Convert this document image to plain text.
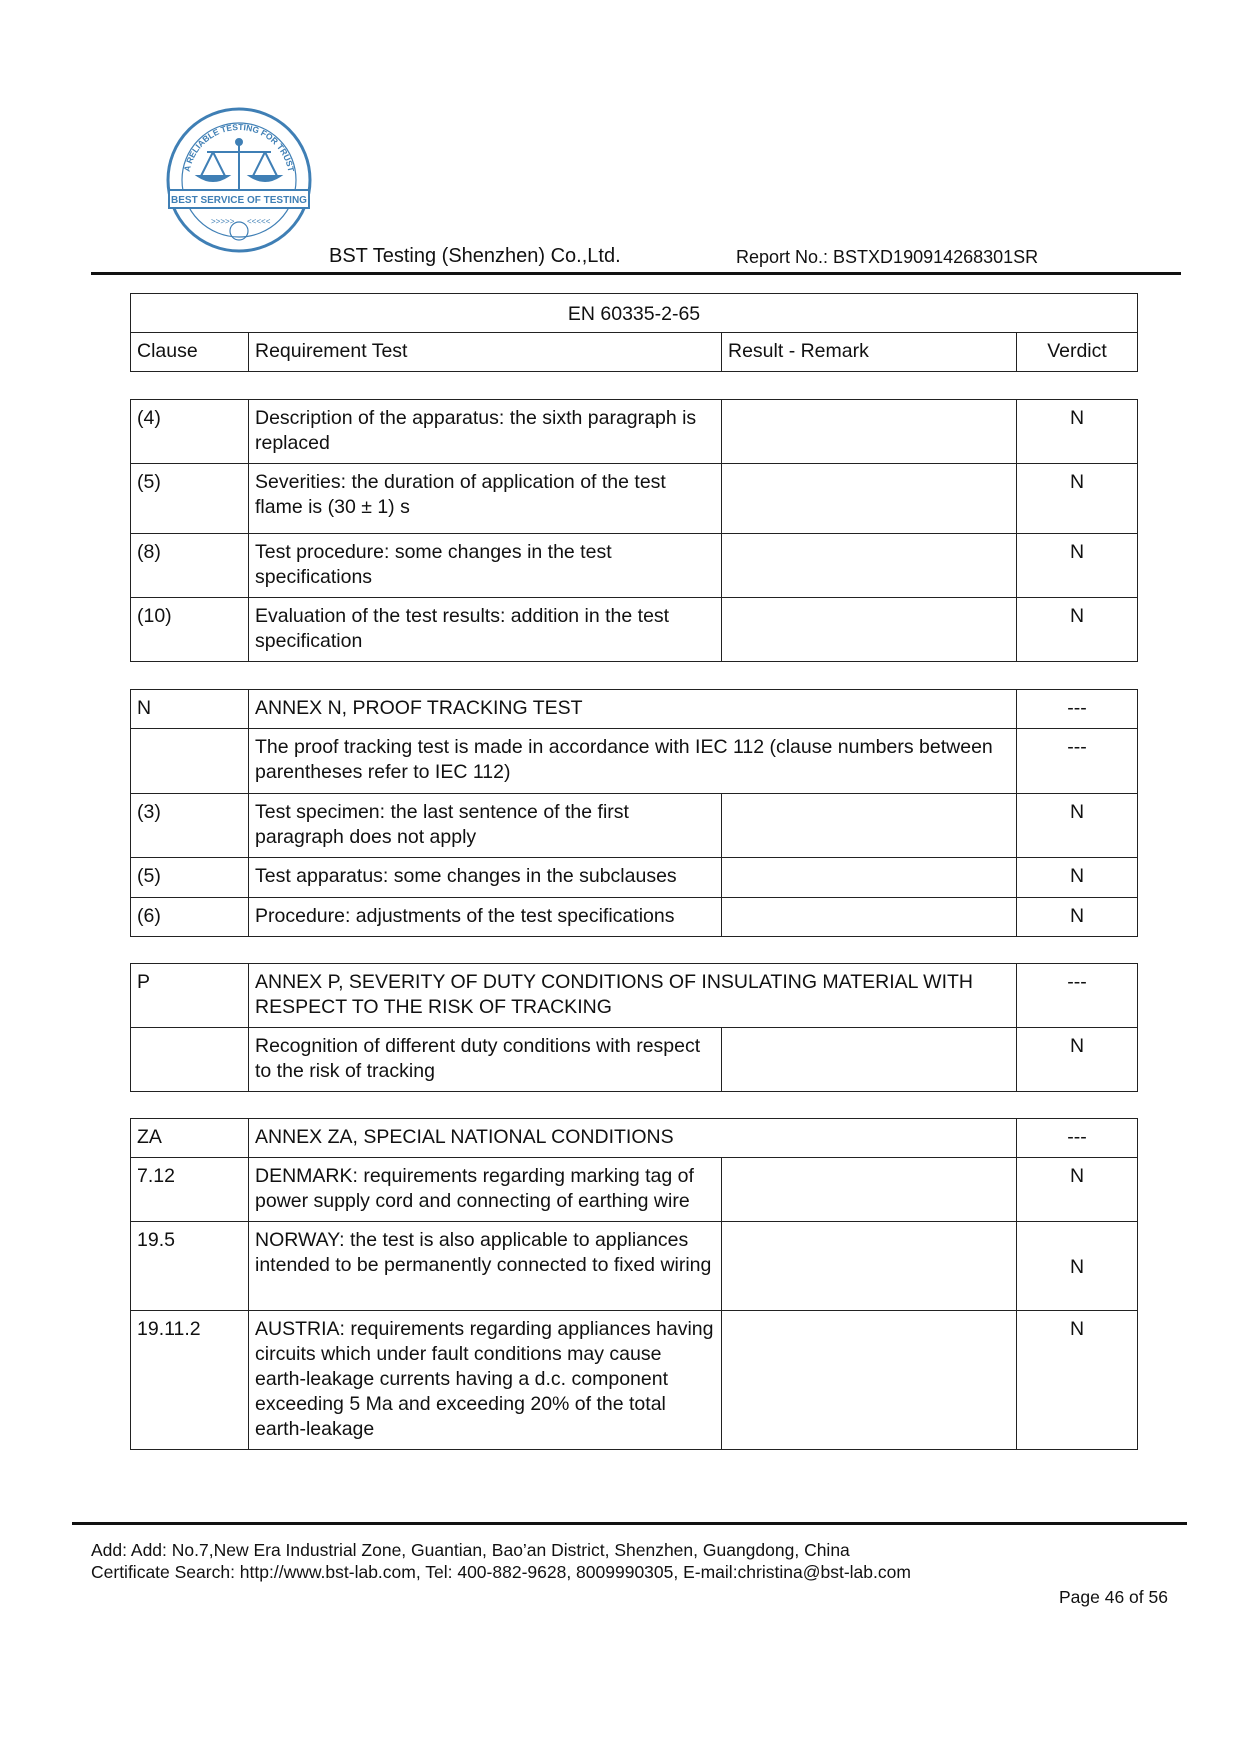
A RELIABLE TESTING FOR TRUST
BEST SERVICE OF TESTING
>>>>> <<<<<
BST Testing (Shenzhen) Co.,Ltd.	Report No.: BSTXD190914268301SR
EN 60335-2-65
Clause	Requirement Test	Result - Remark	Verdict
(4)	Description of the apparatus: the sixth paragraph is replaced		N
(5)	Severities: the duration of application of the test flame is (30 ± 1) s		N
(8)	Test procedure: some changes in the test specifications		N
(10)	Evaluation of the test results: addition in the test specification		N
N	ANNEX N, PROOF TRACKING TEST		---
	The proof tracking test is made in accordance with IEC 112 (clause numbers between parentheses refer to IEC 112)		---
(3)	Test specimen: the last sentence of the first paragraph does not apply		N
(5)	Test apparatus: some changes in the subclauses		N
(6)	Procedure: adjustments of the test specifications		N
P	ANNEX P, SEVERITY OF DUTY CONDITIONS OF INSULATING MATERIAL WITH RESPECT TO THE RISK OF TRACKING		---
	Recognition of different duty conditions with respect to the risk of tracking		N
ZA	ANNEX ZA, SPECIAL NATIONAL CONDITIONS		---
7.12	DENMARK: requirements regarding marking tag of power supply cord and connecting of earthing wire		N
19.5	NORWAY: the test is also applicable to appliances intended to be permanently connected to fixed wiring		N
19.11.2	AUSTRIA: requirements regarding appliances having circuits which under fault conditions may cause earth-leakage currents having a d.c. component exceeding 5 Ma and exceeding 20% of the total earth-leakage		N
Add: Add: No.7,New Era Industrial Zone, Guantian, Bao’an District, Shenzhen, Guangdong, China
Certificate Search: http://www.bst-lab.com, Tel: 400-882-9628, 8009990305, E-mail:christina@bst-lab.com
Page 46 of 56
